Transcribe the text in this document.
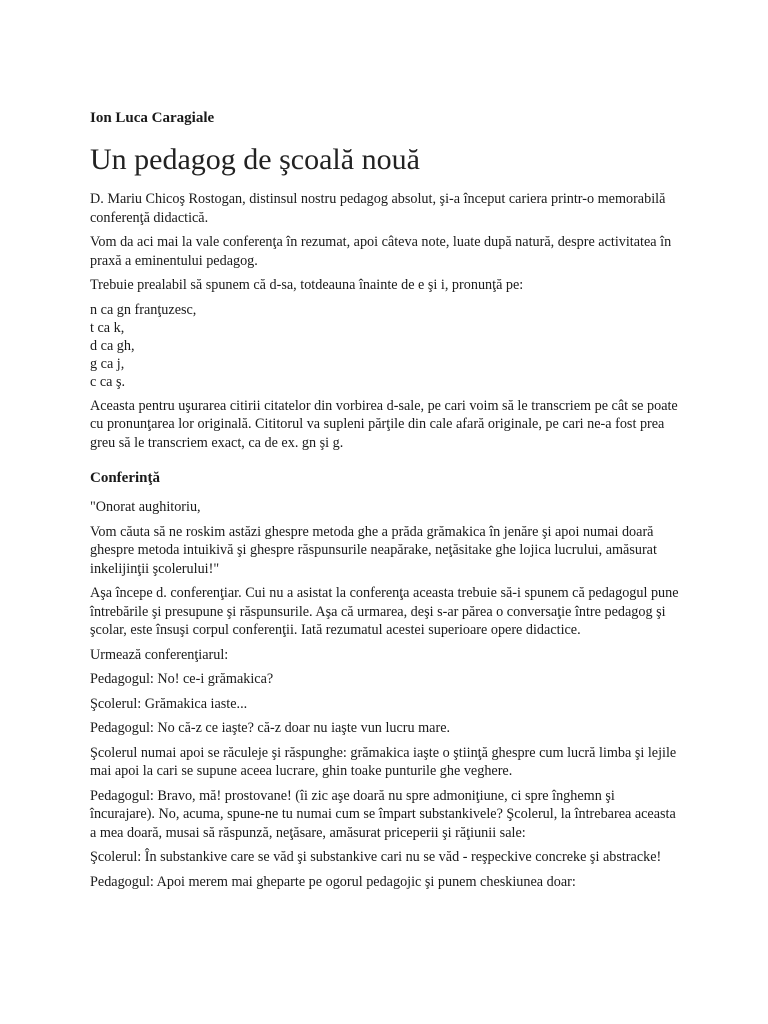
Ion Luca Caragiale
Un pedagog de şcoală nouă

D. Mariu Chicoş Rostogan, distinsul nostru pedagog absolut, şi-a început cariera printr-o memorabilă conferenţă didactică.

Vom da aci mai la vale conferenţa în rezumat, apoi câteva note, luate după natură, despre activitatea în praxă a eminentului pedagog.

Trebuie prealabil să spunem că d-sa, totdeauna înainte de e şi i, pronunţă pe:

n ca gn franţuzesc,
t ca k,
d ca gh,
g ca j,
c ca ş.

Aceasta pentru uşurarea citirii citatelor din vorbirea d-sale, pe cari voim să le transcriem pe cât se poate cu pronunţarea lor originală. Cititorul va supleni părţile din cale afară originale, pe cari ne-a fost prea greu să le transcriem exact, ca de ex. gn şi g.

Conferinţă

"Onorat aughitoriu,

Vom căuta să ne roskim astăzi ghespre metoda ghe a prăda grămakica în jenăre şi apoi numai doară ghespre metoda intuikivă şi ghespre răspunsurile neapărake, neţăsitake ghe lojica lucrului, amăsurat inkelijinţii şcolerului!"

Aşa începe d. conferenţiar. Cui nu a asistat la conferenţa aceasta trebuie să-i spunem că pedagogul pune întrebările şi presupune şi răspunsurile. Aşa că urmarea, deşi s-ar părea o conversaţie între pedagog şi şcolar, este însuşi corpul conferenţii. Iată rezumatul acestei superioare opere didactice.

Urmează conferenţiarul:

Pedagogul: No! ce-i grămakica?

Şcolerul: Grămakica iaste...

Pedagogul: No că-z ce iaşte? că-z doar nu iaşte vun lucru mare.

Şcolerul numai apoi se răculeje şi răspunghe: grămakica iaşte o ştiinţă ghespre cum lucră limba şi lejile mai apoi la cari se supune aceea lucrare, ghin toake punturile ghe veghere.

Pedagogul: Bravo, mă! prostovane! (îi zic aşe doară nu spre admoniţiune, ci spre înghemn şi încurajare). No, acuma, spune-ne tu numai cum se împart substankivele? Şcolerul, la întrebarea aceasta a mea doară, musai să răspunză, neţăsare, amăsurat priceperii şi răţiunii sale:

Şcolerul: În substankive care se văd şi substankive cari nu se văd - reşpeckive concreke şi abstracke!

Pedagogul: Apoi merem mai gheparte pe ogorul pedagojic şi punem cheskiunea doar:
